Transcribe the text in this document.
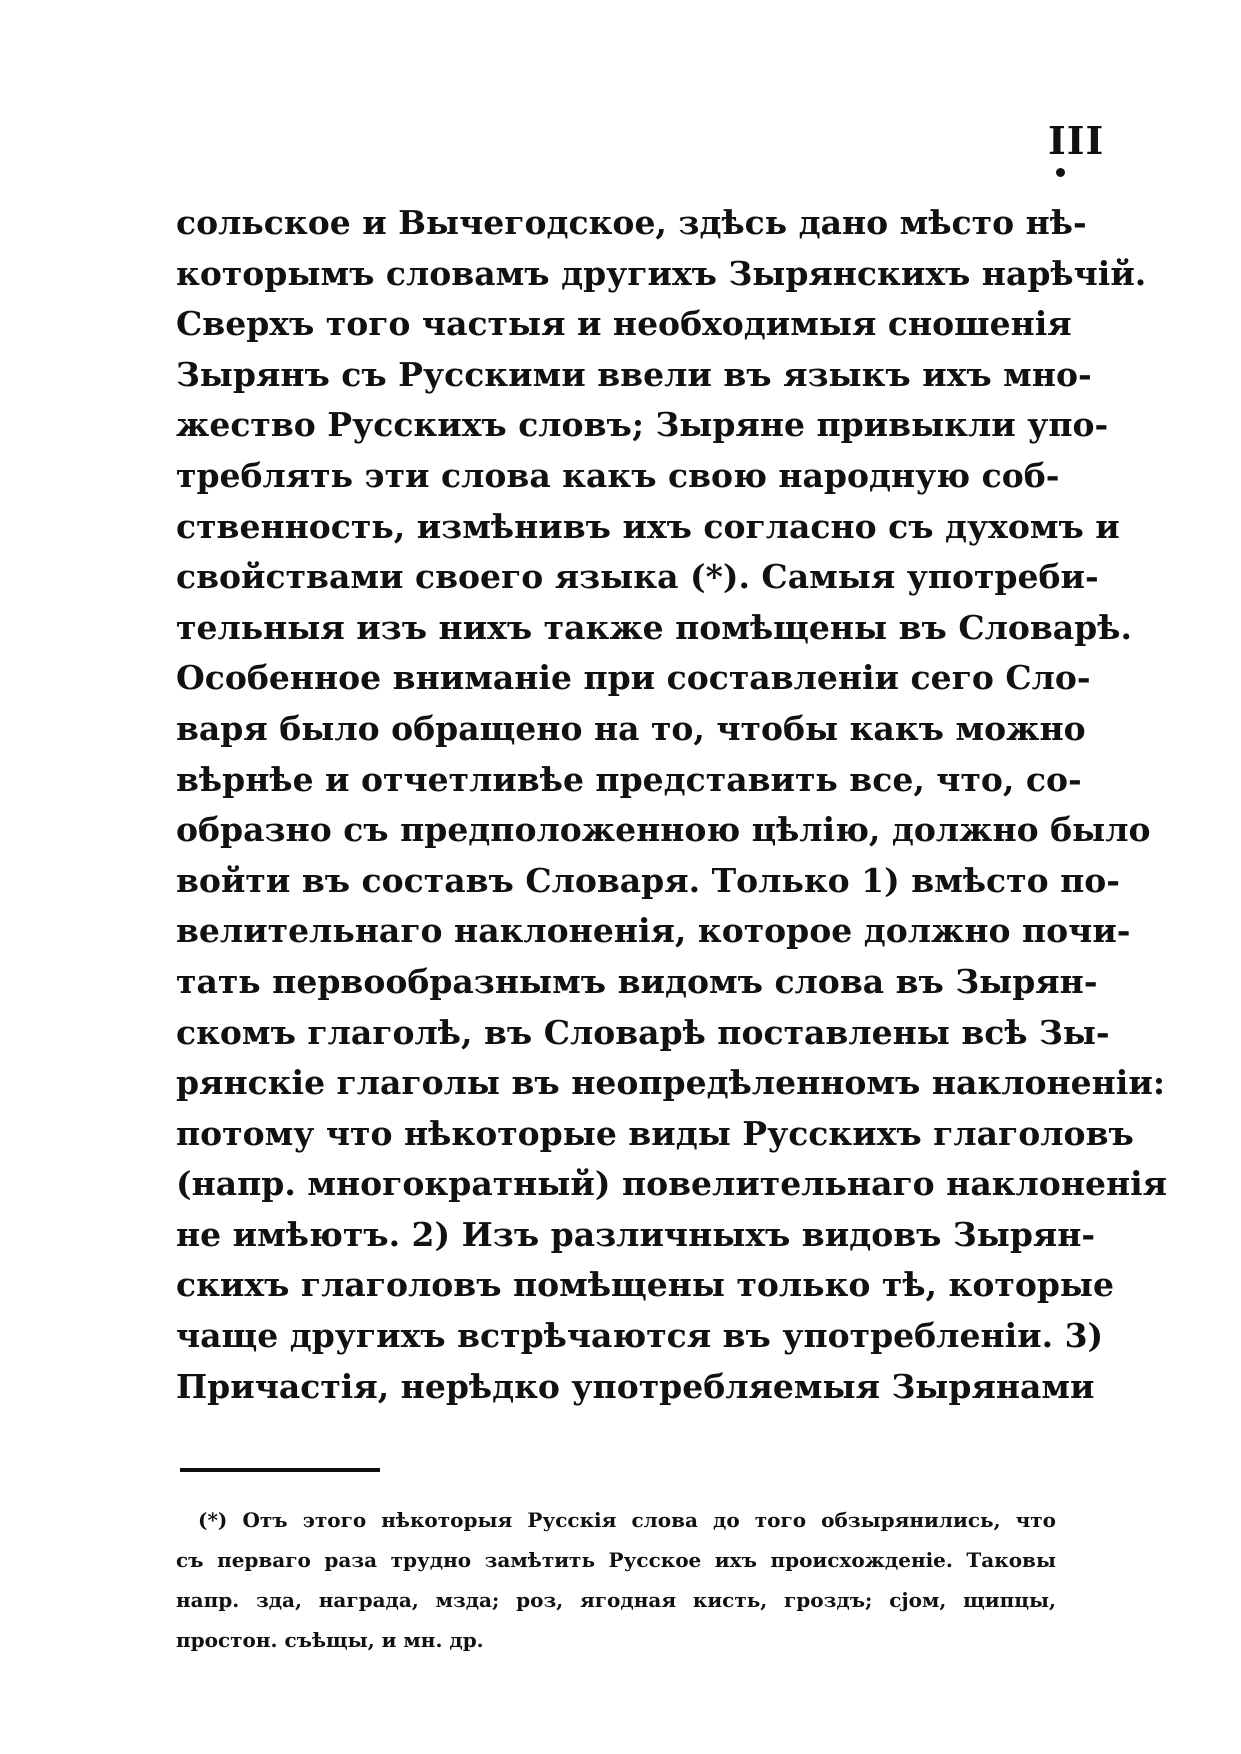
III
сольское и Вычегодское, здѣсь дано мѣсто нѣ-
которымъ словамъ другихъ Зырянскихъ нарѣчій.
Сверхъ того частыя и необходимыя сношенія
Зырянъ съ Русскими ввели въ языкъ ихъ мно-
жество Русскихъ словъ; Зыряне привыкли упо-
треблять эти слова какъ свою народную соб-
ственность, измѣнивъ ихъ согласно съ духомъ и
свойствами своего языка (*). Самыя употреби-
тельныя изъ нихъ также помѣщены въ Словарѣ.
Особенное вниманіе при составленіи сего Сло-
варя было обращено на то, чтобы какъ можно
вѣрнѣе и отчетливѣе представить все, что, со-
образно съ предположенною цѣлію, должно было
войти въ составъ Словаря. Только 1) вмѣсто по-
велительнаго наклоненія, которое должно почи-
тать первообразнымъ видомъ слова въ Зырян-
скомъ глаголѣ, въ Словарѣ поставлены всѣ Зы-
рянскіе глаголы въ неопредѣленномъ наклоненіи:
потому что нѣкоторые виды Русскихъ глаголовъ
(напр. многократный) повелительнаго наклоненія
не имѣютъ. 2) Изъ различныхъ видовъ Зырян-
скихъ глаголовъ помѣщены только тѣ, которые
чаще другихъ встрѣчаются въ употребленіи. 3)
Причастія, нерѣдко употребляемыя Зырянами
(*) Отъ этого нѣкоторыя Русскія слова до того обзырянились, что
съ перваго раза трудно замѣтить Русское ихъ происхожденіе. Таковы
напр. зда, награда, мзда; роз, ягодная кисть, гроздъ; сјом, щипцы,
простон. съѣщы, и мн. др.
